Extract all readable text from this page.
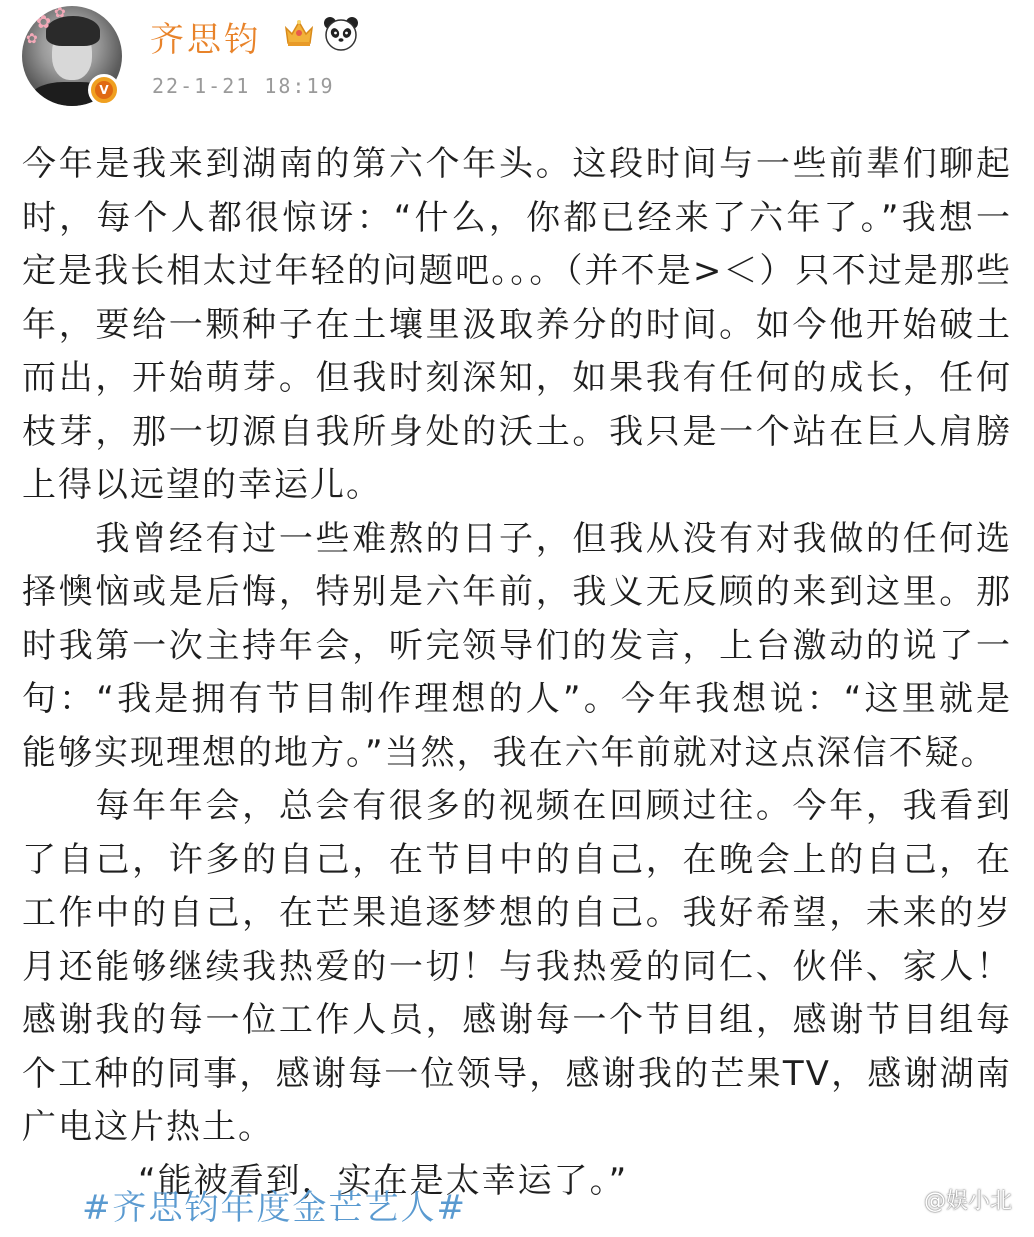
✿ ✿
✿
V
齐思钧
22-1-21 18:19

今年是我来到湖南的第六个年头。这段时间与一些前辈们聊起时，每个人都很惊讶：“什么，你都已经来了六年了。”我想一定是我长相太过年轻的问题吧。。。（并不是>＜）只不过是那些年，要给一颗种子在土壤里汲取养分的时间。如今他开始破土而出，开始萌芽。但我时刻深知，如果我有任何的成长，任何枝芽，那一切源自我所身处的沃土。我只是一个站在巨人肩膀上得以远望的幸运儿。

　　我曾经有过一些难熬的日子，但我从没有对我做的任何选择懊恼或是后悔，特别是六年前，我义无反顾的来到这里。那时我第一次主持年会，听完领导们的发言，上台激动的说了一句：“我是拥有节目制作理想的人”。今年我想说：“这里就是能够实现理想的地方。”当然，我在六年前就对这点深信不疑。

　　每年年会，总会有很多的视频在回顾过往。今年，我看到了自己，许多的自己，在节目中的自己，在晚会上的自己，在工作中的自己，在芒果追逐梦想的自己。我好希望，未来的岁月还能够继续我热爱的一切！与我热爱的同仁、伙伴、家人！感谢我的每一位工作人员，感谢每一个节目组，感谢节目组每个工种的同事，感谢每一位领导，感谢我的芒果TV，感谢湖南广电这片热土。

“能被看到，实在是太幸运了。”

#齐思钧年度金芒艺人#	@娱小北
